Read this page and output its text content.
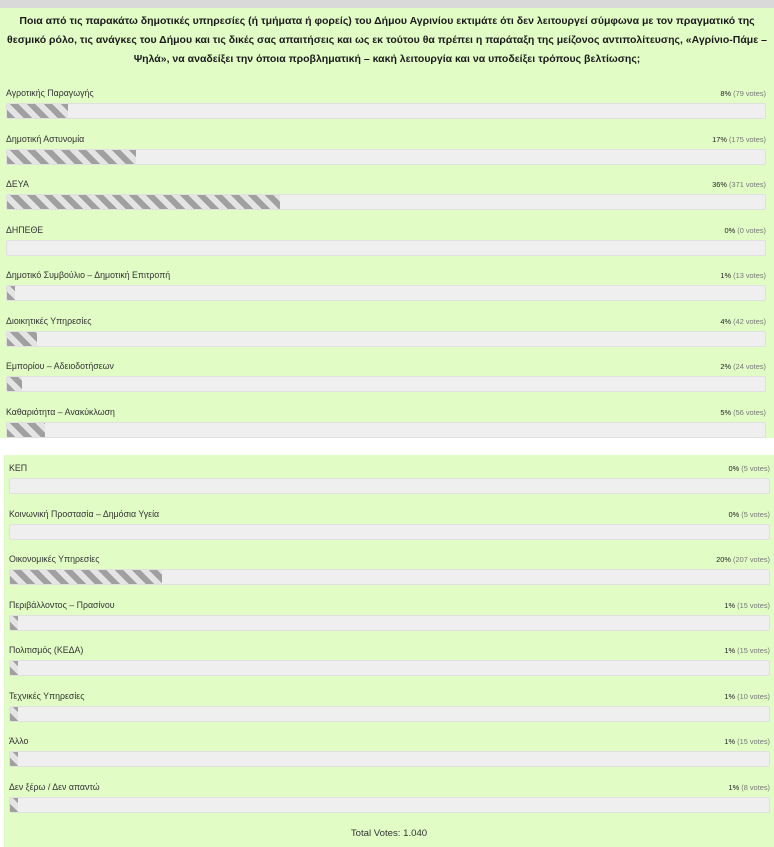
Ποια από τις παρακάτω δημοτικές υπηρεσίες (ή τμήματα ή φορείς) του Δήμου Αγρινίου εκτιμάτε ότι δεν λειτουργεί σύμφωνα με τον πραγματικό της θεσμικό ρόλο, τις ανάγκες του Δήμου και τις δικές σας απαιτήσεις και ως εκ τούτου θα πρέπει η παράταξη της μείζονος αντιπολίτευσης, «Αγρίνιο-Πάμε – Ψηλά», να αναδείξει την όποια προβληματική – κακή λειτουργία και να υποδείξει τρόπους βελτίωσης;
Αγροτικής Παραγωγής	8% (79 votes)
Δημοτική Αστυνομία	17% (175 votes)
ΔΕΥΑ	36% (371 votes)
ΔΗΠΕΘΕ	0% (0 votes)
Δημοτικό Συμβούλιο – Δημοτική Επιτροπή	1% (13 votes)
Διοικητικές Υπηρεσίες	4% (42 votes)
Εμπορίου – Αδειοδοτήσεων	2% (24 votes)
Καθαριότητα – Ανακύκλωση	5% (56 votes)
ΚΕΠ	0% (5 votes)
Κοινωνική Προστασία – Δημόσια Υγεία	0% (5 votes)
Οικονομικές Υπηρεσίες	20% (207 votes)
Περιβάλλοντος – Πρασίνου	1% (15 votes)
Πολιτισμός (ΚΕΔΑ)	1% (15 votes)
Τεχνικές Υπηρεσίες	1% (10 votes)
Άλλο	1% (15 votes)
Δεν ξέρω / Δεν απαντώ	1% (8 votes)
Total Votes: 1.040
